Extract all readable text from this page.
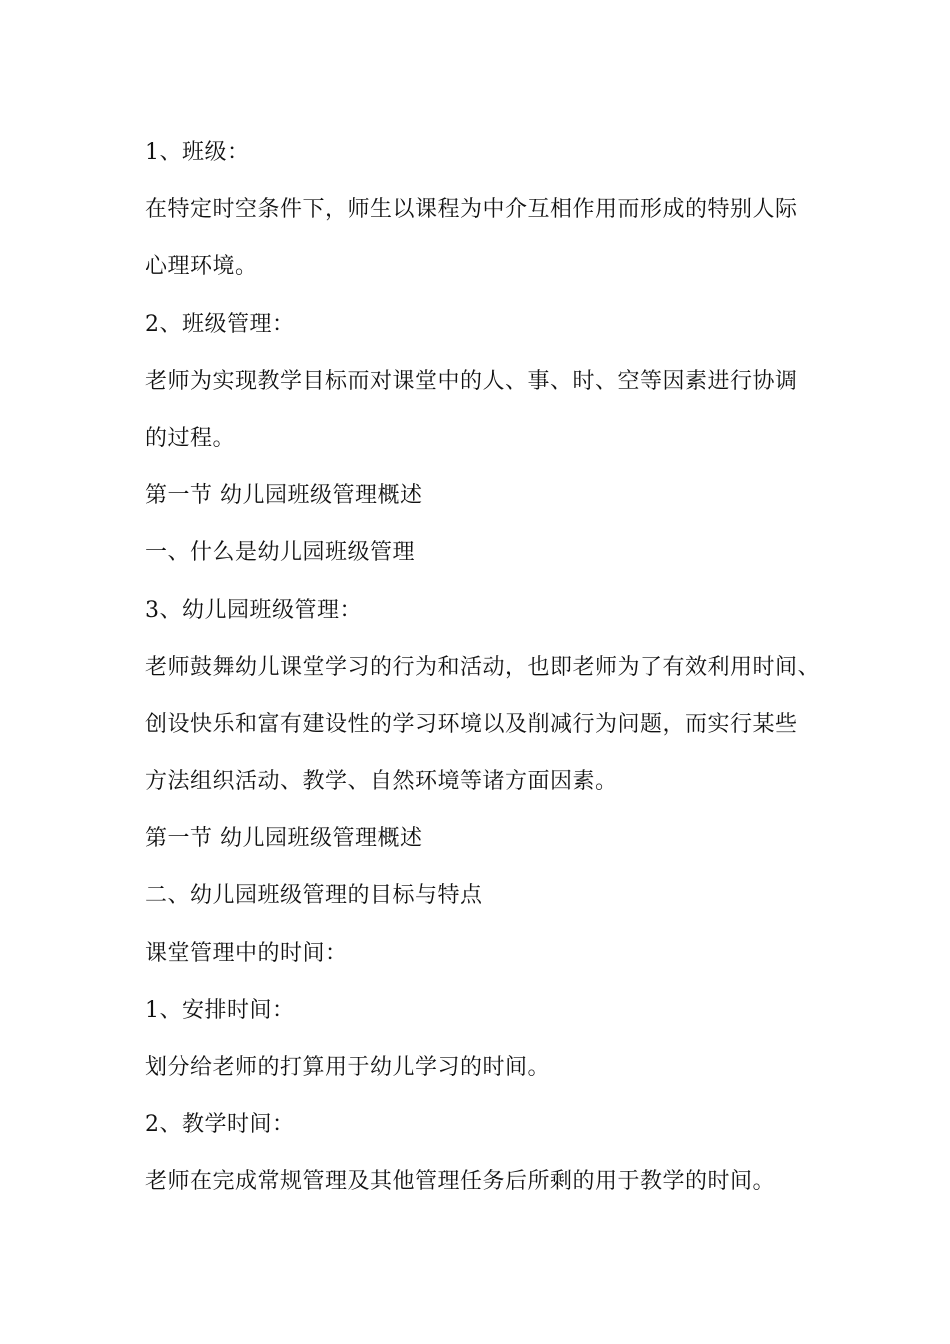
1、班级：
在特定时空条件下，师生以课程为中介互相作用而形成的特别人际
心理环境。
2、班级管理：
老师为实现教学目标而对课堂中的人、事、时、空等因素进行协调
的过程。
第一节 幼儿园班级管理概述
一、什么是幼儿园班级管理
3、幼儿园班级管理：
老师鼓舞幼儿课堂学习的行为和活动，也即老师为了有效利用时间、
创设快乐和富有建设性的学习环境以及削减行为问题，而实行某些
方法组织活动、教学、自然环境等诸方面因素。
第一节 幼儿园班级管理概述
二、幼儿园班级管理的目标与特点
课堂管理中的时间：
1、安排时间：
划分给老师的打算用于幼儿学习的时间。
2、教学时间：
老师在完成常规管理及其他管理任务后所剩的用于教学的时间。
